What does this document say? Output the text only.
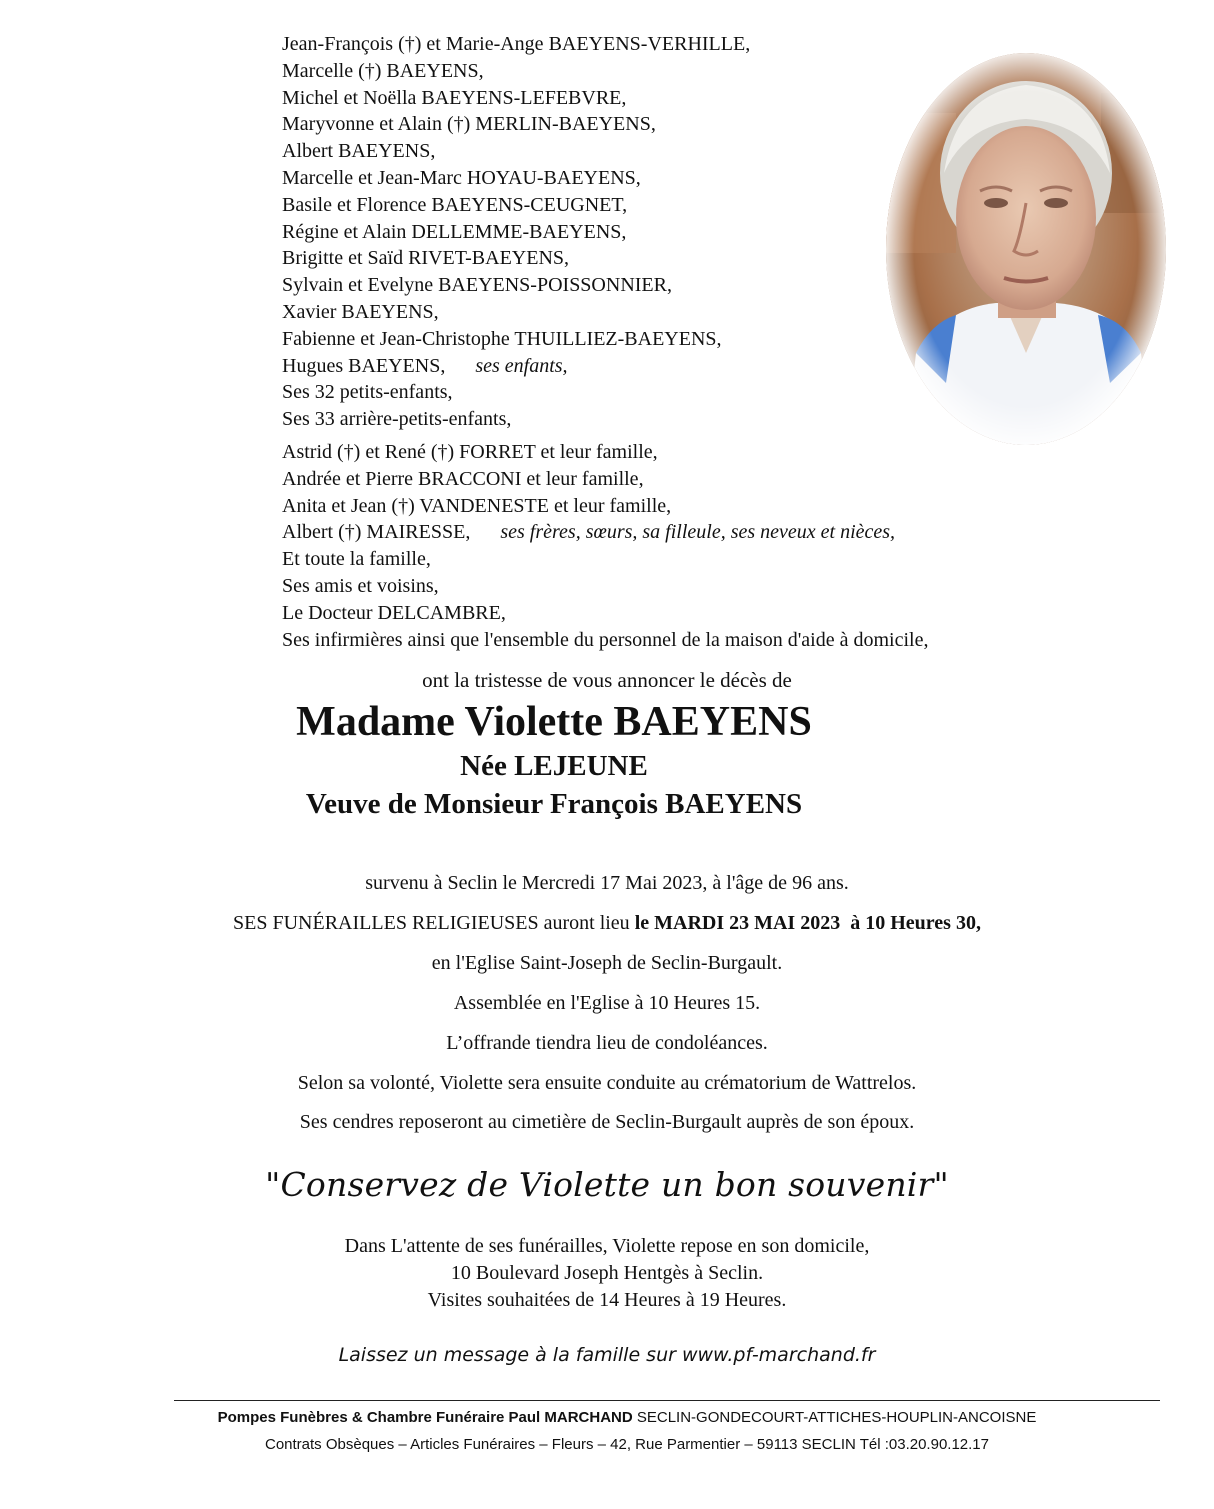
Jean-François (†) et Marie-Ange BAEYENS-VERHILLE,
Marcelle (†) BAEYENS,
Michel et Noëlla BAEYENS-LEFEBVRE,
Maryvonne et Alain (†) MERLIN-BAEYENS,
Albert BAEYENS,
Marcelle et Jean-Marc HOYAU-BAEYENS,
Basile et Florence BAEYENS-CEUGNET,
Régine et Alain DELLEMME-BAEYENS,
Brigitte et Saïd RIVET-BAEYENS,
Sylvain et Evelyne BAEYENS-POISSONNIER,
Xavier BAEYENS,
Fabienne et Jean-Christophe THUILLIEZ-BAEYENS,
Hugues BAEYENS, ses enfants,
Ses 32 petits-enfants,
Ses 33 arrière-petits-enfants,
Astrid (†) et René (†) FORRET et leur famille,
Andrée et Pierre BRACCONI et leur famille,
Anita et Jean (†) VANDENESTE et leur famille,
Albert (†) MAIRESSE, ses frères, sœurs, sa filleule, ses neveux et nièces,
Et toute la famille,
Ses amis et voisins,
Le Docteur DELCAMBRE,
Ses infirmières ainsi que l'ensemble du personnel de la maison d'aide à domicile,
ont la tristesse de vous annoncer le décès de
Madame Violette BAEYENS
Née LEJEUNE
Veuve de Monsieur François BAEYENS
survenu à Seclin le Mercredi 17 Mai 2023, à l'âge de 96 ans.
SES FUNÉRAILLES RELIGIEUSES auront lieu le MARDI 23 MAI 2023  à 10 Heures 30,
en l'Eglise Saint-Joseph de Seclin-Burgault.
Assemblée en l'Eglise à 10 Heures 15.
L’offrande tiendra lieu de condoléances.
Selon sa volonté, Violette sera ensuite conduite au crématorium de Wattrelos.
Ses cendres reposeront au cimetière de Seclin-Burgault auprès de son époux.
"Conservez de Violette un bon souvenir"
Dans L'attente de ses funérailles, Violette repose en son domicile,
10 Boulevard Joseph Hentgès à Seclin.
Visites souhaitées de 14 Heures à 19 Heures.
Laissez un message à la famille sur www.pf-marchand.fr
Pompes Funèbres & Chambre Funéraire Paul MARCHAND SECLIN-GONDECOURT-ATTICHES-HOUPLIN-ANCOISNE
Contrats Obsèques – Articles Funéraires – Fleurs – 42, Rue Parmentier – 59113 SECLIN Tél :03.20.90.12.17
